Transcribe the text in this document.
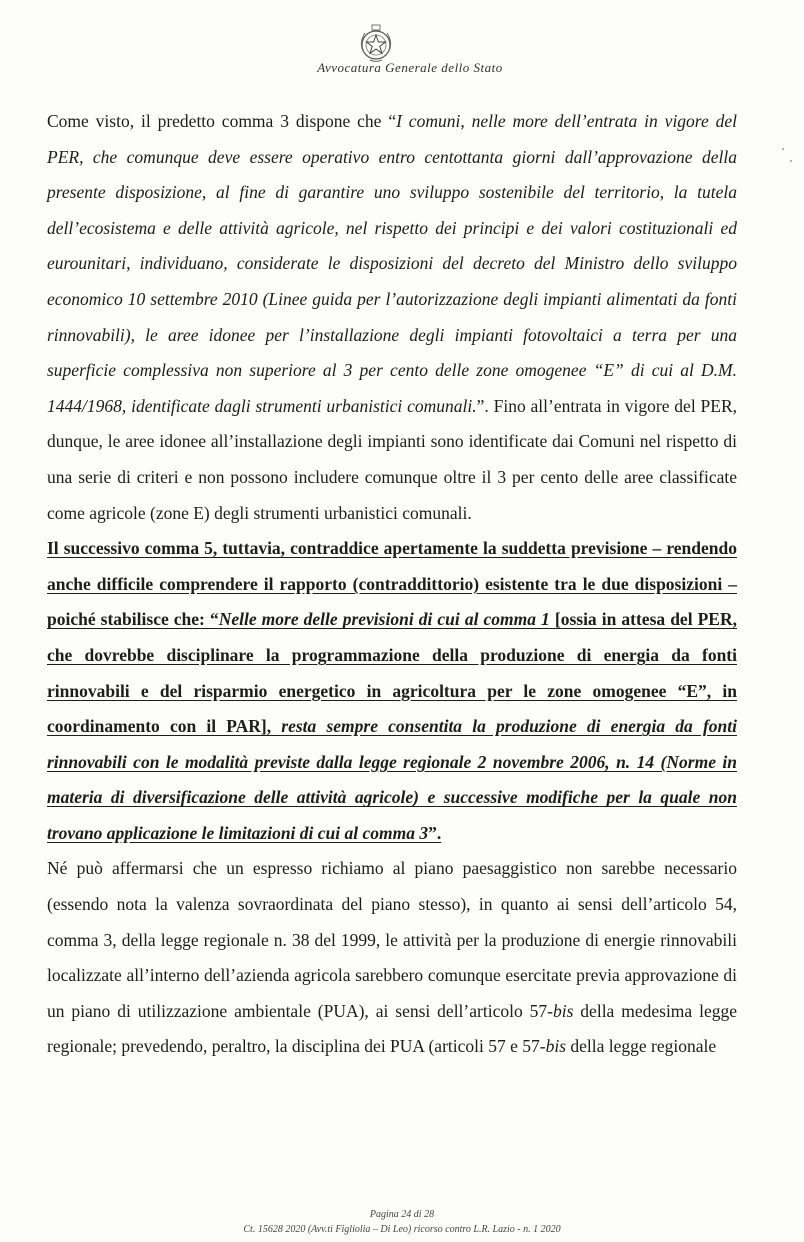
Avvocatura Generale dello Stato

Come visto, il predetto comma 3 dispone che “I comuni, nelle more dell’entrata in vigore del PER, che comunque deve essere operativo entro centottanta giorni dall’approvazione della presente disposizione, al fine di garantire uno sviluppo sostenibile del territorio, la tutela dell’ecosistema e delle attività agricole, nel rispetto dei principi e dei valori costituzionali ed eurounitari, individuano, considerate le disposizioni del decreto del Ministro dello sviluppo economico 10 settembre 2010 (Linee guida per l’autorizzazione degli impianti alimentati da fonti rinnovabili), le aree idonee per l’installazione degli impianti fotovoltaici a terra per una superficie complessiva non superiore al 3 per cento delle zone omogenee “E” di cui al D.M. 1444/1968, identificate dagli strumenti urbanistici comunali.”. Fino all’entrata in vigore del PER, dunque, le aree idonee all’installazione degli impianti sono identificate dai Comuni nel rispetto di una serie di criteri e non possono includere comunque oltre il 3 per cento delle aree classificate come agricole (zone E) degli strumenti urbanistici comunali.

Il successivo comma 5, tuttavia, contraddice apertamente la suddetta previsione – rendendo anche difficile comprendere il rapporto (contraddittorio) esistente tra le due disposizioni – poiché stabilisce che: “Nelle more delle previsioni di cui al comma 1 [ossia in attesa del PER, che dovrebbe disciplinare la programmazione della produzione di energia da fonti rinnovabili e del risparmio energetico in agricoltura per le zone omogenee “E”, in coordinamento con il PAR], resta sempre consentita la produzione di energia da fonti rinnovabili con le modalità previste dalla legge regionale 2 novembre 2006, n. 14 (Norme in materia di diversificazione delle attività agricole) e successive modifiche per la quale non trovano applicazione le limitazioni di cui al comma 3”.

Né può affermarsi che un espresso richiamo al piano paesaggistico non sarebbe necessario (essendo nota la valenza sovraordinata del piano stesso), in quanto ai sensi dell’articolo 54, comma 3, della legge regionale n. 38 del 1999, le attività per la produzione di energie rinnovabili localizzate all’interno dell’azienda agricola sarebbero comunque esercitate previa approvazione di un piano di utilizzazione ambientale (PUA), ai sensi dell’articolo 57-bis della medesima legge regionale; prevedendo, peraltro, la disciplina dei PUA (articoli 57 e 57-bis della legge regionale

Pagina 24 di 28
Ct. 15628 2020 (Avv.ti Figliolia – Di Leo) ricorso contro L.R. Lazio - n. 1 2020
